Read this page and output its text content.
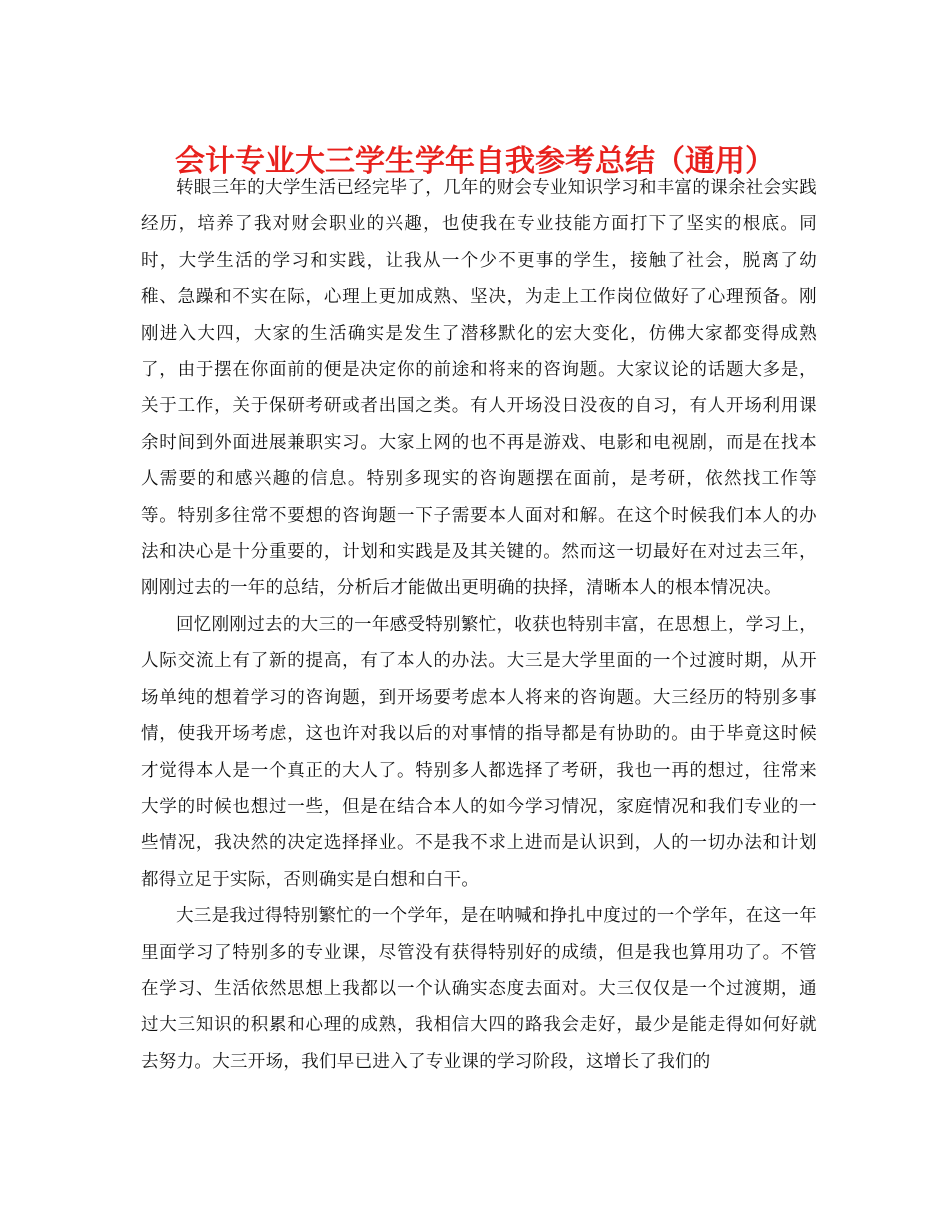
会计专业大三学生学年自我参考总结（通用）

转眼三年的大学生活已经完毕了，几年的财会专业知识学习和丰富的课余社会实践经历，培养了我对财会职业的兴趣，也使我在专业技能方面打下了坚实的根底。同时，大学生活的学习和实践，让我从一个少不更事的学生，接触了社会，脱离了幼稚、急躁和不实在际，心理上更加成熟、坚决，为走上工作岗位做好了心理预备。刚刚进入大四，大家的生活确实是发生了潜移默化的宏大变化，仿佛大家都变得成熟了，由于摆在你面前的便是决定你的前途和将来的咨询题。大家议论的话题大多是，关于工作，关于保研考研或者出国之类。有人开场没日没夜的自习，有人开场利用课余时间到外面进展兼职实习。大家上网的也不再是游戏、电影和电视剧，而是在找本人需要的和感兴趣的信息。特别多现实的咨询题摆在面前，是考研，依然找工作等等。特别多往常不要想的咨询题一下子需要本人面对和解。在这个时候我们本人的办法和决心是十分重要的，计划和实践是及其关键的。然而这一切最好在对过去三年，刚刚过去的一年的总结，分析后才能做出更明确的抉择，清晰本人的根本情况决。

回忆刚刚过去的大三的一年感受特别繁忙，收获也特别丰富，在思想上，学习上，人际交流上有了新的提高，有了本人的办法。大三是大学里面的一个过渡时期，从开场单纯的想着学习的咨询题，到开场要考虑本人将来的咨询题。大三经历的特别多事情，使我开场考虑，这也许对我以后的对事情的指导都是有协助的。由于毕竟这时候才觉得本人是一个真正的大人了。特别多人都选择了考研，我也一再的想过，往常来大学的时候也想过一些，但是在结合本人的如今学习情况，家庭情况和我们专业的一些情况，我决然的决定选择择业。不是我不求上进而是认识到，人的一切办法和计划都得立足于实际，否则确实是白想和白干。

大三是我过得特别繁忙的一个学年，是在呐喊和挣扎中度过的一个学年，在这一年里面学习了特别多的专业课，尽管没有获得特别好的成绩，但是我也算用功了。不管在学习、生活依然思想上我都以一个认确实态度去面对。大三仅仅是一个过渡期，通过大三知识的积累和心理的成熟，我相信大四的路我会走好，最少是能走得如何好就去努力。大三开场，我们早已进入了专业课的学习阶段，这增长了我们的
